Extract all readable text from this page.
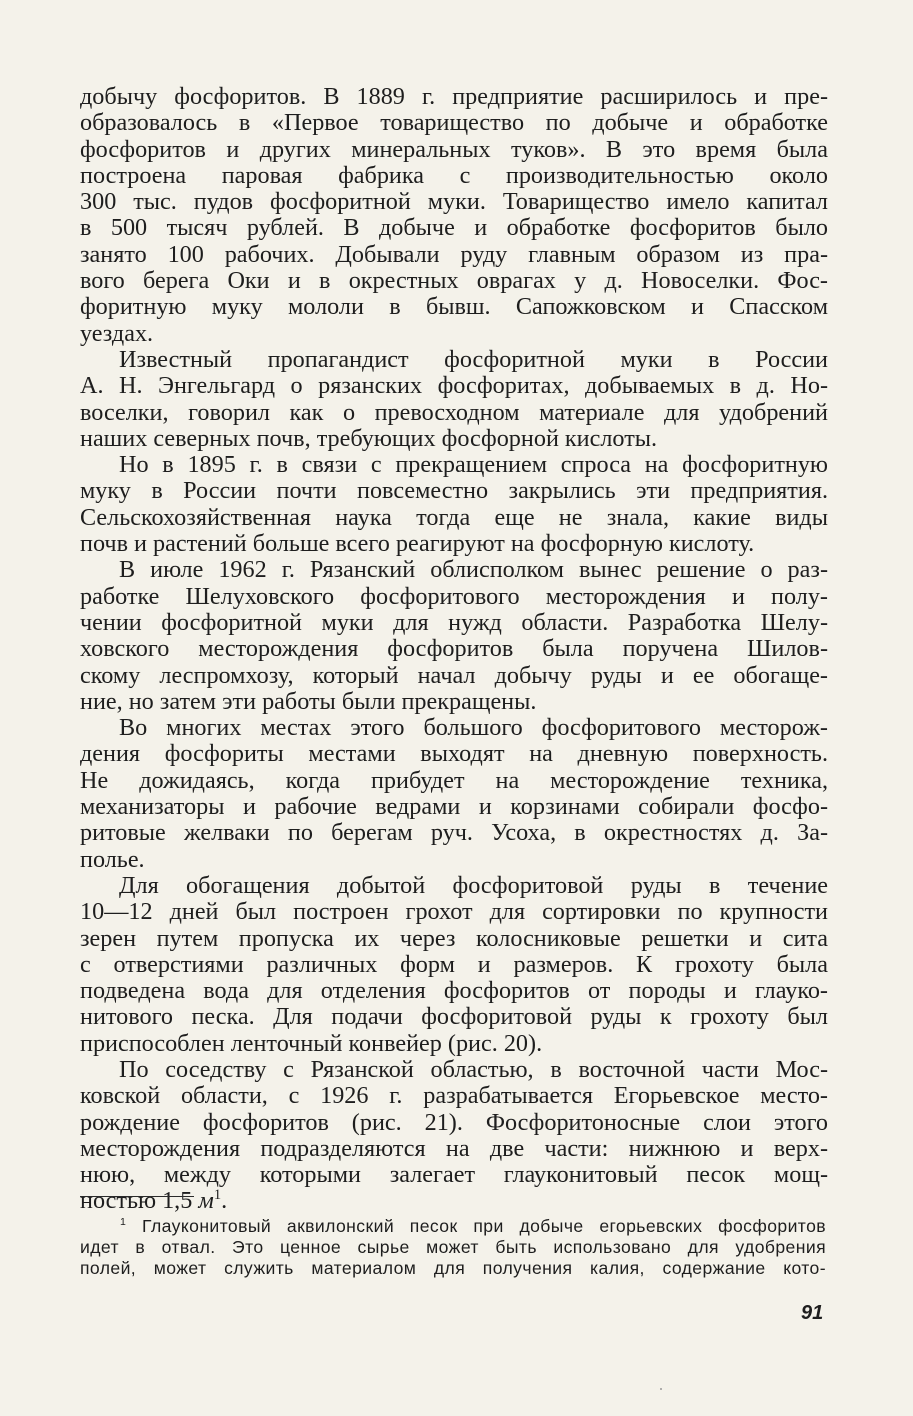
добычу фосфоритов. В 1889 г. предприятие расширилось и пре-
образовалось в «Первое товарищество по добыче и обработке
фосфоритов и других минеральных туков». В это время была
построена паровая фабрика с производительностью около
300 тыс. пудов фосфоритной муки. Товарищество имело капитал
в 500 тысяч рублей. В добыче и обработке фосфоритов было
занято 100 рабочих. Добывали руду главным образом из пра-
вого берега Оки и в окрестных оврагах у д. Новоселки. Фос-
форитную муку мололи в бывш. Сапожковском и Спасском
уездах.
Известный пропагандист фосфоритной муки в России
А. Н. Энгельгард о рязанских фосфоритах, добываемых в д. Но-
воселки, говорил как о превосходном материале для удобрений
наших северных почв, требующих фосфорной кислоты.
Но в 1895 г. в связи с прекращением спроса на фосфоритную
муку в России почти повсеместно закрылись эти предприятия.
Сельскохозяйственная наука тогда еще не знала, какие виды
почв и растений больше всего реагируют на фосфорную кислоту.
В июле 1962 г. Рязанский облисполком вынес решение о раз-
работке Шелуховского фосфоритового месторождения и полу-
чении фосфоритной муки для нужд области. Разработка Шелу-
ховского месторождения фосфоритов была поручена Шилов-
скому леспромхозу, который начал добычу руды и ее обогаще-
ние, но затем эти работы были прекращены.
Во многих местах этого большого фосфоритового месторож-
дения фосфориты местами выходят на дневную поверхность.
Не дожидаясь, когда прибудет на месторождение техника,
механизаторы и рабочие ведрами и корзинами собирали фосфо-
ритовые желваки по берегам руч. Усоха, в окрестностях д. За-
полье.
Для обогащения добытой фосфоритовой руды в течение
10—12 дней был построен грохот для сортировки по крупности
зерен путем пропуска их через колосниковые решетки и сита
с отверстиями различных форм и размеров. К грохоту была
подведена вода для отделения фосфоритов от породы и глауко-
нитового песка. Для подачи фосфоритовой руды к грохоту был
приспособлен ленточный конвейер (рис. 20).
По соседству с Рязанской областью, в восточной части Мос-
ковской области, с 1926 г. разрабатывается Егорьевское место-
рождение фосфоритов (рис. 21). Фосфоритоносные слои этого
месторождения подразделяются на две части: нижнюю и верх-
нюю, между которыми залегает глауконитовый песок мощ-
ностью 1,5 $м^1$.
$^1$ Глауконитовый аквилонский песок при добыче егорьевских фосфоритов
идет в отвал. Это ценное сырье может быть использовано для удобрения
полей, может служить материалом для получения калия, содержание кото-
91
